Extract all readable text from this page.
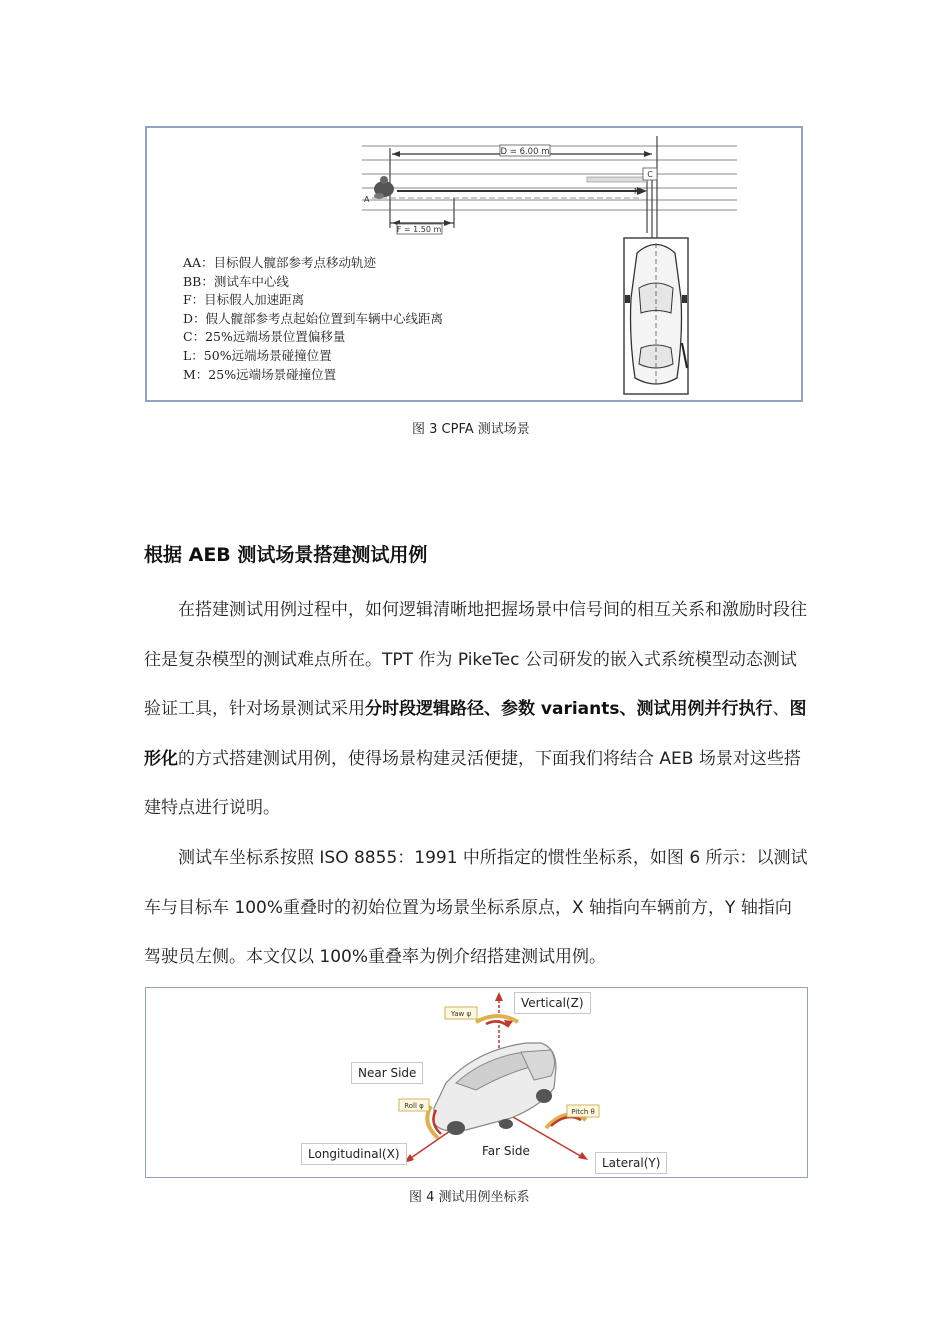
D = 6.00 m
A
C
M
F = 1.50 m
AA：目标假人髋部参考点移动轨迹
BB：测试车中心线
F：目标假人加速距离
D：假人髋部参考点起始位置到车辆中心线距离
C：25%远端场景位置偏移量
L：50%远端场景碰撞位置
M：25%远端场景碰撞位置
图 3 CPFA 测试场景
根据 AEB 测试场景搭建测试用例
在搭建测试用例过程中，如何逻辑清晰地把握场景中信号间的相互关系和激励时段往往是复杂模型的测试难点所在。TPT 作为 PikeTec 公司研发的嵌入式系统模型动态测试验证工具，针对场景测试采用分时段逻辑路径、参数 variants、测试用例并行执行、图形化的方式搭建测试用例，使得场景构建灵活便捷，下面我们将结合 AEB 场景对这些搭建特点进行说明。
测试车坐标系按照 ISO 8855：1991 中所指定的惯性坐标系，如图 6 所示：以测试车与目标车 100%重叠时的初始位置为场景坐标系原点，X 轴指向车辆前方，Y 轴指向驾驶员左侧。本文仅以 100%重叠率为例介绍搭建测试用例。
Yaw ψ
Roll φ
Pitch θ
Vertical(Z)
Near Side
Far Side
Longitudinal(X)
Lateral(Y)
图 4 测试用例坐标系
